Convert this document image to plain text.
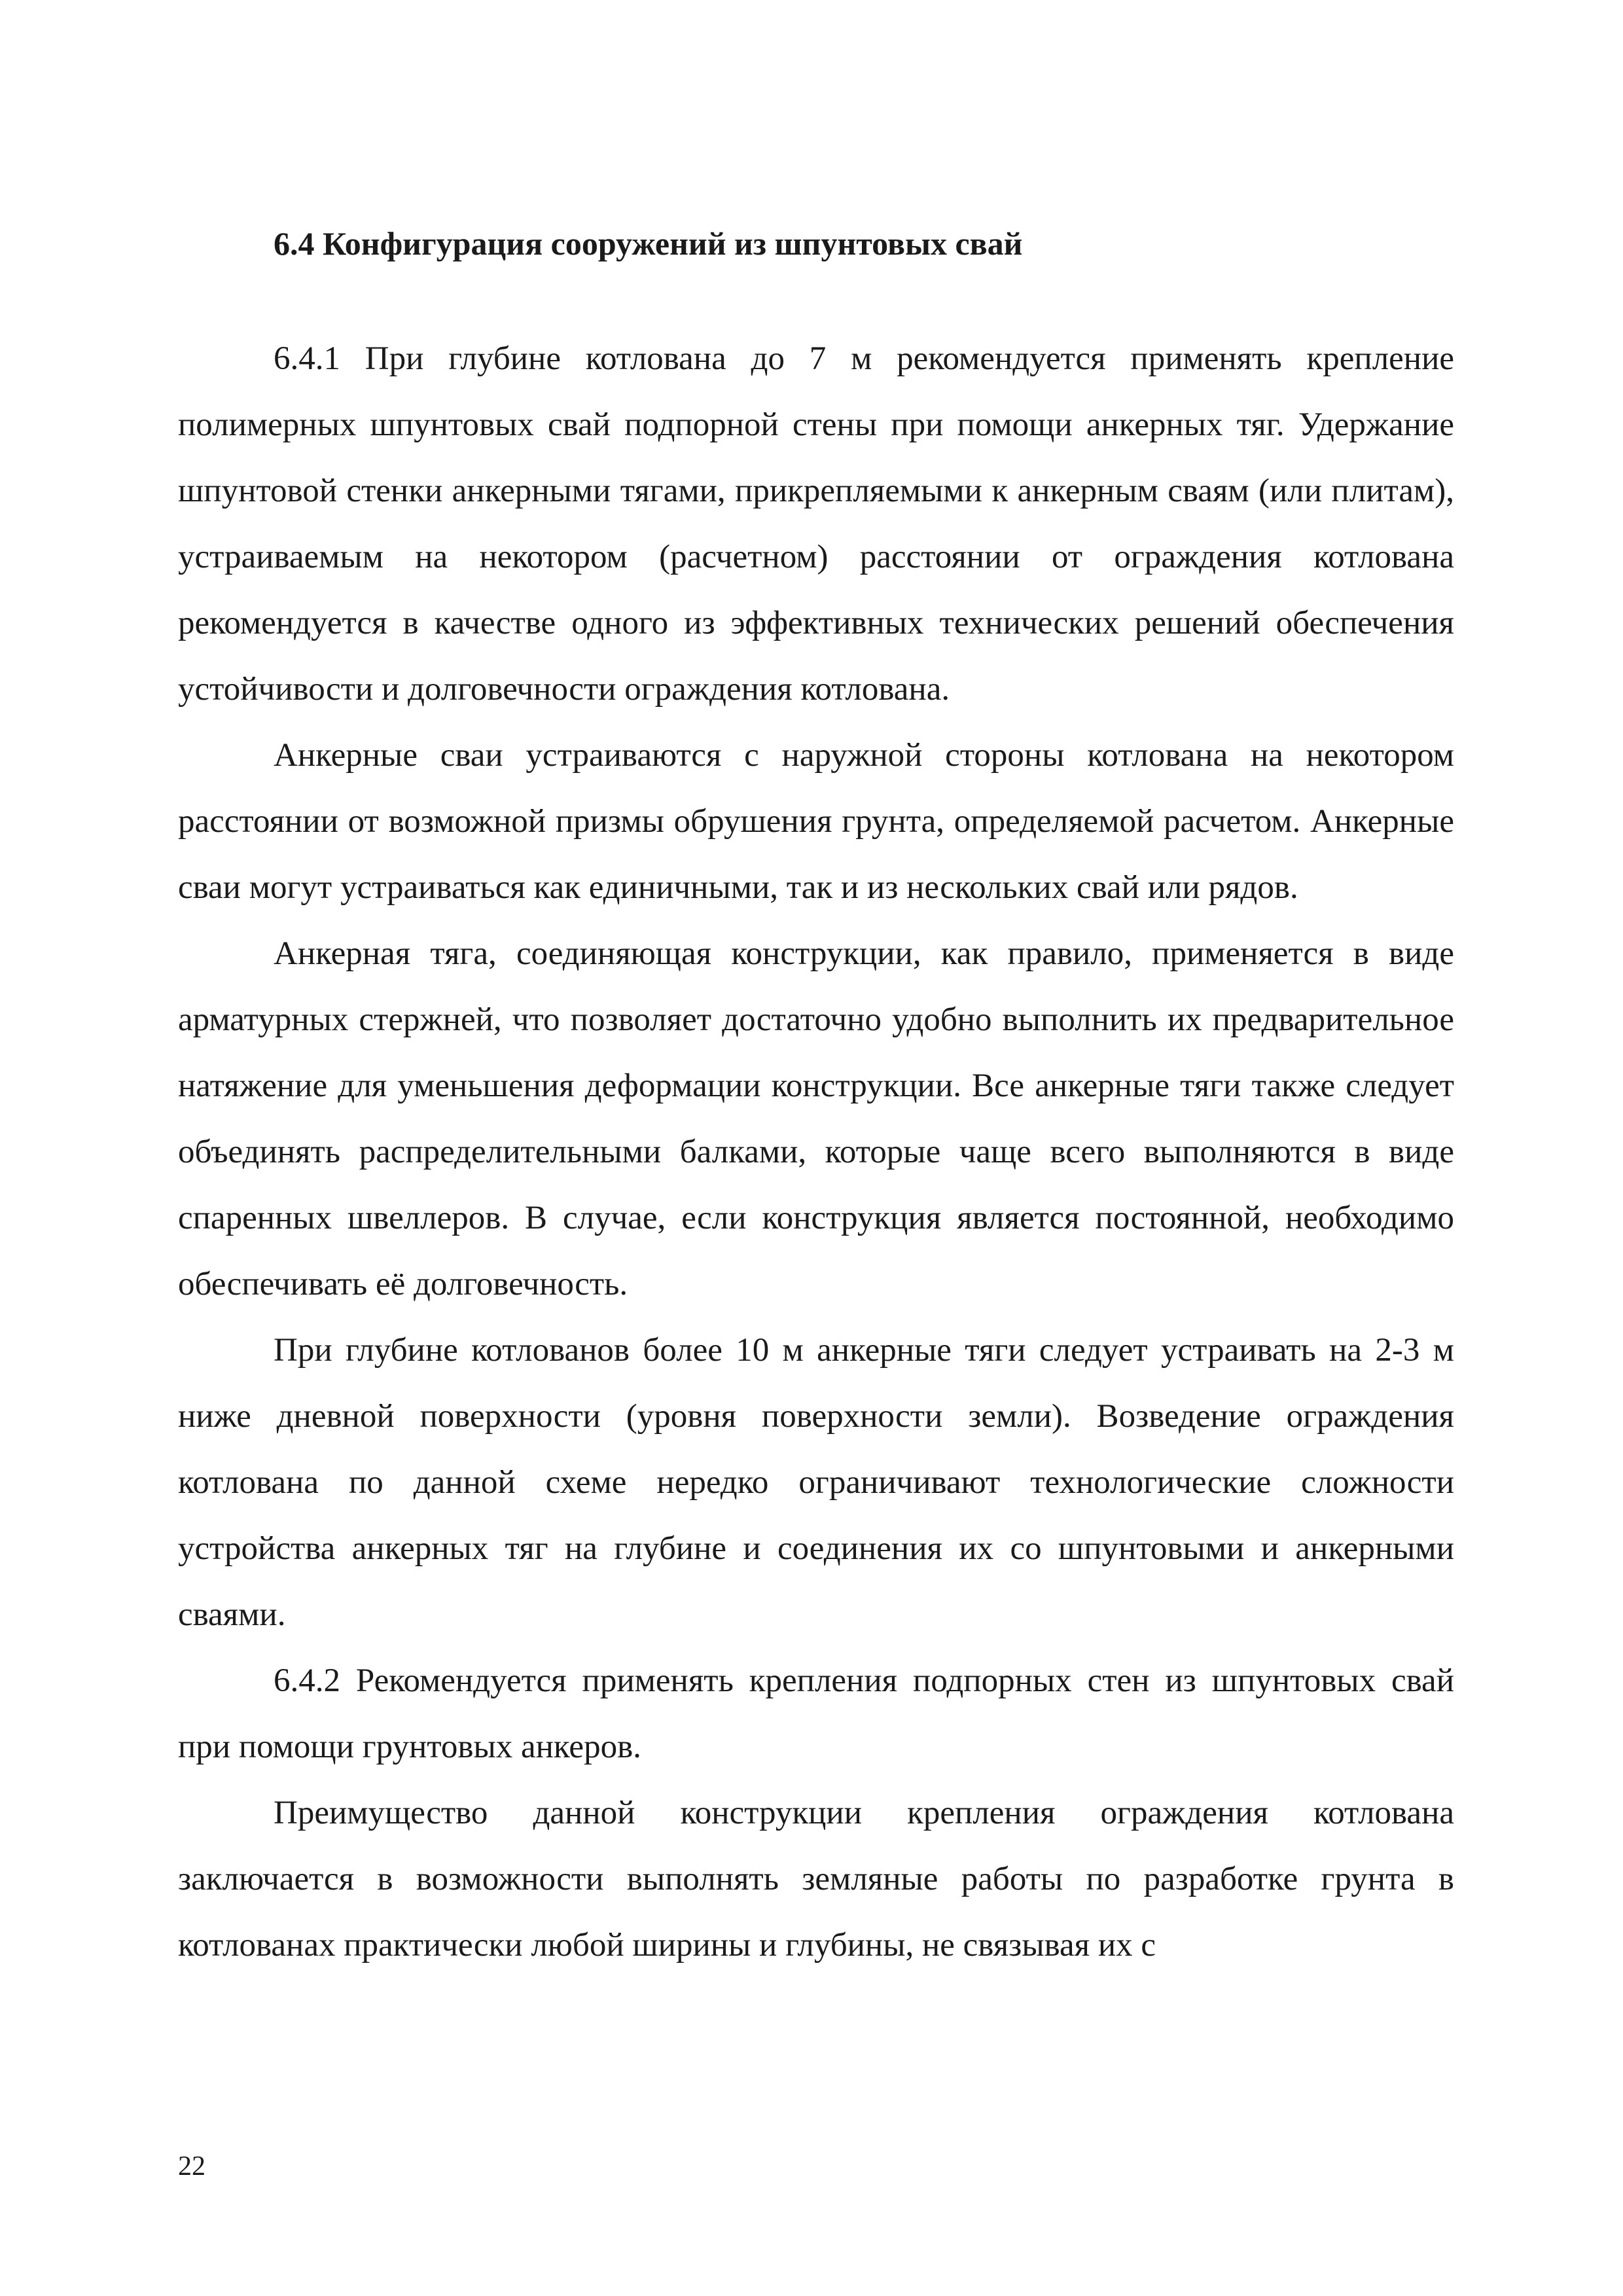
6.4 Конфигурация сооружений из шпунтовых свай

6.4.1 При глубине котлована до 7 м рекомендуется применять крепление полимерных шпунтовых свай подпорной стены при помощи анкерных тяг. Удержание шпунтовой стенки анкерными тягами, прикрепляемыми к анкерным сваям (или плитам), устраиваемым на некотором (расчетном) расстоянии от ограждения котлована рекомендуется в качестве одного из эффективных технических решений обеспечения устойчивости и долговечности ограждения котлована.

Анкерные сваи устраиваются с наружной стороны котлована на некотором расстоянии от возможной призмы обрушения грунта, определяемой расчетом. Анкерные сваи могут устраиваться как единичными, так и из нескольких свай или рядов.

Анкерная тяга, соединяющая конструкции, как правило, применяется в виде арматурных стержней, что позволяет достаточно удобно выполнить их предварительное натяжение для уменьшения деформации конструкции. Все анкерные тяги также следует объединять распределительными балками, которые чаще всего выполняются в виде спаренных швеллеров. В случае, если конструкция является постоянной, необходимо обеспечивать её долговечность.

При глубине котлованов более 10 м анкерные тяги следует устраивать на 2-3 м ниже дневной поверхности (уровня поверхности земли). Возведение ограждения котлована по данной схеме нередко ограничивают технологические сложности устройства анкерных тяг на глубине и соединения их со шпунтовыми и анкерными сваями.

6.4.2 Рекомендуется применять крепления подпорных стен из шпунтовых свай при помощи грунтовых анкеров.

Преимущество данной конструкции крепления ограждения котлована заключается в возможности выполнять земляные работы по разработке грунта в котлованах практически любой ширины и глубины, не связывая их с

22
